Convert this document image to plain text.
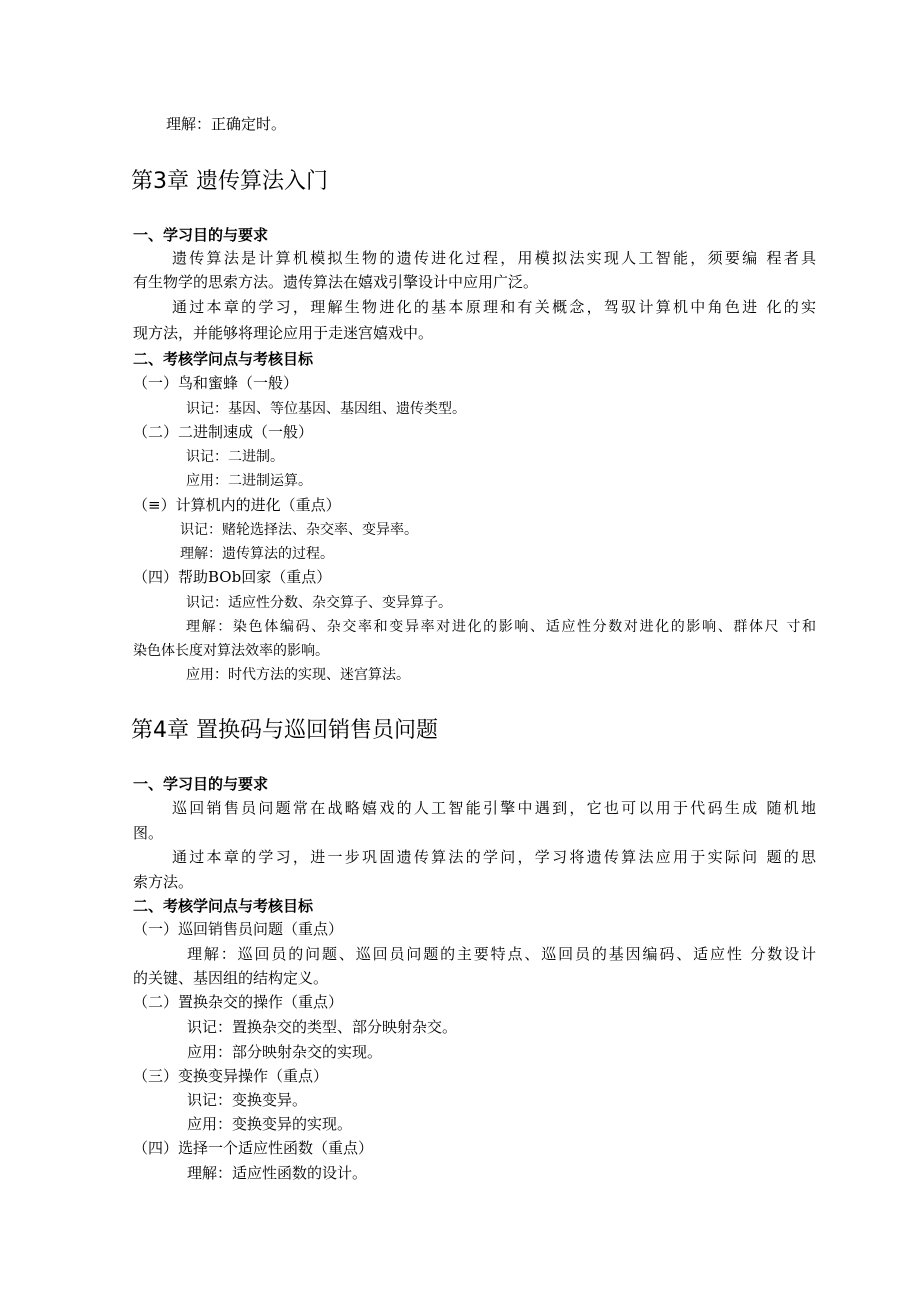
理解：正确定时。
第3章 遗传算法入门
一、学习目的与要求
遗传算法是计算机模拟生物的遗传进化过程，用模拟法实现人工智能，须要编 程者具
有生物学的思索方法。遗传算法在嬉戏引擎设计中应用广泛。
通过本章的学习，理解生物进化的基本原理和有关概念，驾驭计算机中角色进 化的实
现方法，并能够将理论应用于走迷宫嬉戏中。
二、考核学问点与考核目标
（一）鸟和蜜蜂（一般）
识记：基因、等位基因、基因组、遗传类型。
（二）二进制速成（一般）
识记：二进制。
应用：二进制运算。
（≡）计算机内的进化（重点）
识记：赌轮选择法、杂交率、变异率。
理解：遗传算法的过程。
（四）帮助BOb回家（重点）
识记：适应性分数、杂交算子、变异算子。
理解：染色体编码、杂交率和变异率对进化的影响、适应性分数对进化的影响、群体尺 寸和
染色体长度对算法效率的影响。
应用：时代方法的实现、迷宫算法。
第4章 置换码与巡回销售员问题
一、学习目的与要求
巡回销售员问题常在战略嬉戏的人工智能引擎中遇到，它也可以用于代码生成 随机地
图。
通过本章的学习，进一步巩固遗传算法的学问，学习将遗传算法应用于实际问 题的思
索方法。
二、考核学问点与考核目标
（一）巡回销售员问题（重点）
理解：巡回员的问题、巡回员问题的主要特点、巡回员的基因编码、适应性 分数设计
的关键、基因组的结构定义。
（二）置换杂交的操作（重点）
识记：置换杂交的类型、部分映射杂交。
应用：部分映射杂交的实现。
（三）变换变异操作（重点）
识记：变换变异。
应用：变换变异的实现。
（四）选择一个适应性函数（重点）
理解：适应性函数的设计。
